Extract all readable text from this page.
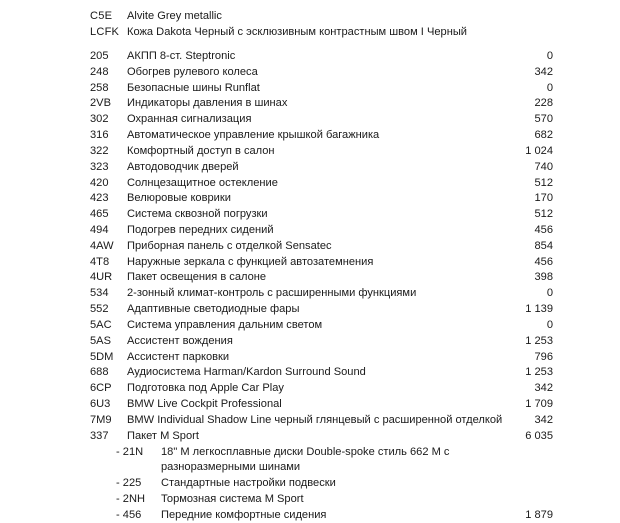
C5E Alvite Grey metallic
LCFK Кожа Dakota Черный с эсклюзивным контрастным швом I Черный
205 АКПП 8-ст. Steptronic	0
248 Обогрев рулевого колеса	342
258 Безопасные шины Runflat	0
2VB Индикаторы давления в шинах	228
302 Охранная сигнализация	570
316 Автоматическое управление крышкой багажника	682
322 Комфортный доступ в салон	1 024
323 Автодоводчик дверей	740
420 Солнцезащитное остекление	512
423 Велюровые коврики	170
465 Система сквозной погрузки	512
494 Подогрев передних сидений	456
4AW Приборная панель с отделкой Sensatec	854
4T8 Наружные зеркала с функцией автозатемнения	456
4UR Пакет освещения в салоне	398
534 2-зонный климат-контроль с расширенными функциями	0
552 Адаптивные светодиодные фары	1 139
5AC Система управления дальним светом	0
5AS Ассистент вождения	1 253
5DM Ассистент парковки	796
688 Аудиосистема Harman/Kardon Surround Sound	1 253
6CP Подготовка под Apple Car Play	342
6U3 BMW Live Cockpit Professional	1 709
7M9 BMW Individual Shadow Line черный глянцевый с расширенной отделкой	342
337 Пакет M Sport	6 035
- 21N 18" M легкосплавные диски Double-spoke стиль 662 M с
разноразмерными шинами
- 225 Стандартные настройки подвески
- 2NH Тормозная система M Sport
- 456 Передние комфортные сидения	1 879
